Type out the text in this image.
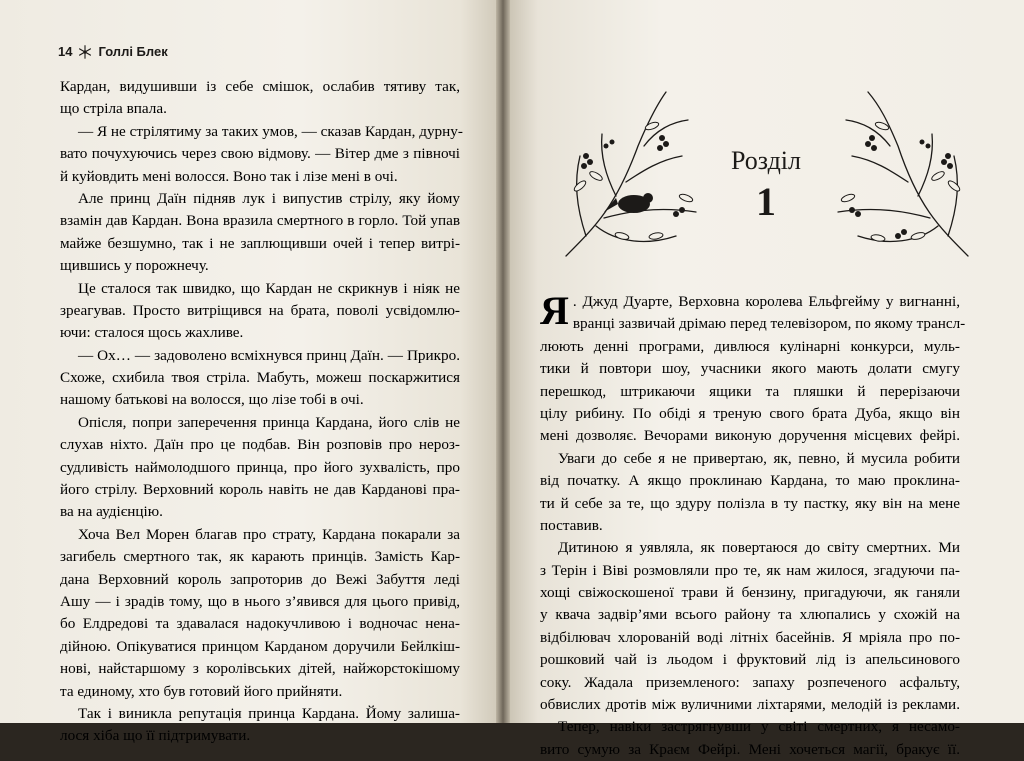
14 Голлі Блек
Кардан, видушивши із себе смішок, ослабив тятиву так,
що стріла впала.
— Я не стрілятиму за таких умов, — сказав Кардан, дурну-
вато почухуючись через свою відмову. — Вітер дме з півночі
й куйовдить мені волосся. Воно так і лізе мені в очі.
Але принц Даїн підняв лук і випустив стрілу, яку йому
взамін дав Кардан. Вона вразила смертного в горло. Той упав
майже безшумно, так і не заплющивши очей і тепер витрі-
щившись у порожнечу.
Це сталося так швидко, що Кардан не скрикнув і ніяк не
зреагував. Просто витріщився на брата, поволі усвідомлю-
ючи: сталося щось жахливе.
— Ох… — задоволено всміхнувся принц Даїн. — Прикро.
Схоже, схибила твоя стріла. Мабуть, можеш поскаржитися
нашому батькові на волосся, що лізе тобі в очі.
Опісля, попри заперечення принца Кардана, його слів не
слухав ніхто. Даїн про це подбав. Він розповів про нероз-
судливість наймолодшого принца, про його зухвалість, про
його стрілу. Верховний король навіть не дав Карданові пра-
ва на аудієнцію.
Хоча Вел Морен благав про страту, Кардана покарали за
загибель смертного так, як карають принців. Замість Кар-
дана Верховний король запроторив до Вежі Забуття леді
Ашу — і зрадів тому, що в нього з’явився для цього привід,
бо Елдредові та здавалася надокучливою і водночас нена-
дійною. Опікуватися принцом Карданом доручили Бейлкіш-
нові, найстаршому з королівських дітей, найжорстокішому
та единому, хто був готовий його прийняти.
Так і виникла репутація принца Кардана. Йому залиша-
лося хіба що її підтримувати.
Розділ
1
Я . Джуд Дуарте, Верховна королева Ельфгейму у вигнанні,
вранці зазвичай дрімаю перед телевізором, по якому трансл-
люють денні програми, дивлюся кулінарні конкурси, муль-
тики й повтори шоу, учасники якого мають долати смугу
перешкод, штрикаючи ящики та пляшки й перерізаючи
цілу рибину. По обіді я треную свого брата Дуба, якщо він
мені дозволяє. Вечорами виконую доручення місцевих фейрі.
Уваги до себе я не привертаю, як, певно, й мусила робити
від початку. А якщо проклинаю Кардана, то маю проклина-
ти й себе за те, що здуру полізла в ту пастку, яку він на мене
поставив.
Дитиною я уявляла, як повертаюся до світу смертних. Ми
з Терін і Віві розмовляли про те, як нам жилося, згадуючи па-
хощі свіжоскошеної трави й бензину, пригадуючи, як ганяли
у квача задвір’ями всього району та хлюпались у схожій на
відбілювач хлорованій воді літніх басейнів. Я мріяла про по-
рошковий чай із льодом і фруктовий лід із апельсинового
соку. Жадала приземленого: запаху розпеченого асфальту,
обвислих дротів між вуличними ліхтарями, мелодій із реклами.
Тепер, навіки застрягнувши у світі смертних, я несамо-
вито сумую за Краєм Фейрі. Мені хочеться магії, бракує її.
